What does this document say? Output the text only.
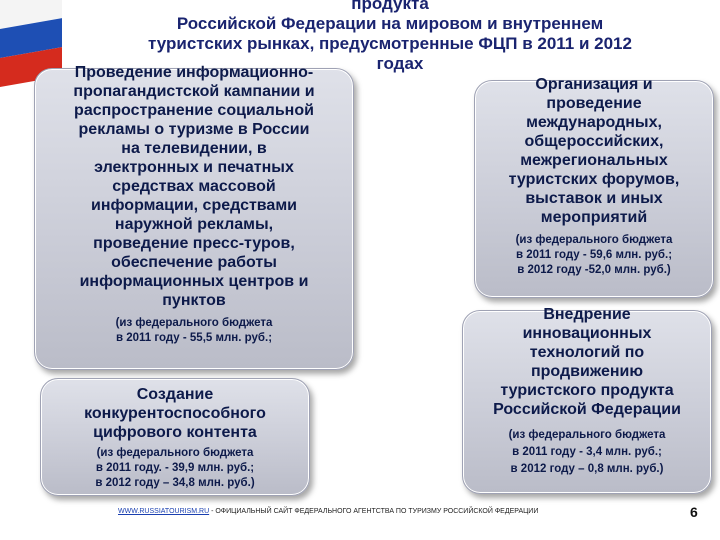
продукта
Российской Федерации на мировом и внутреннем
туристских рынках, предусмотренные ФЦП в 2011 и 2012
Проведение информационно-
пропагандистской кампании и
распространение социальной
рекламы о туризме в России
на телевидении, в
электронных и печатных
средствах массовой
информации, средствами
наружной рекламы,
проведение пресс-туров,
обеспечение работы
информационных центров и
пунктов
(из федерального бюджета
в 2011 году - 55,5 млн. руб.;
годах
Создание
конкурентоспособного
цифрового контента
(из федерального бюджета
в 2011 году. - 39,9 млн. руб.;
в 2012 году – 34,8 млн. руб.)
Организация и
проведение
международных,
общероссийских,
межрегиональных
туристских форумов,
выставок и иных
мероприятий
(из федерального бюджета
в 2011 году - 59,6 млн. руб.;
в 2012 году -52,0 млн. руб.)
Внедрение
инновационных
технологий по
продвижению
туристского продукта
Российской Федерации
(из федерального бюджета
в 2011 году - 3,4 млн. руб.;
в 2012 году – 0,8 млн. руб.)
WWW.RUSSIATOURISM.RU - ОФИЦИАЛЬНЫЙ САЙТ ФЕДЕРАЛЬНОГО АГЕНТСТВА ПО ТУРИЗМУ РОССИЙСКОЙ ФЕДЕРАЦИИ	6
